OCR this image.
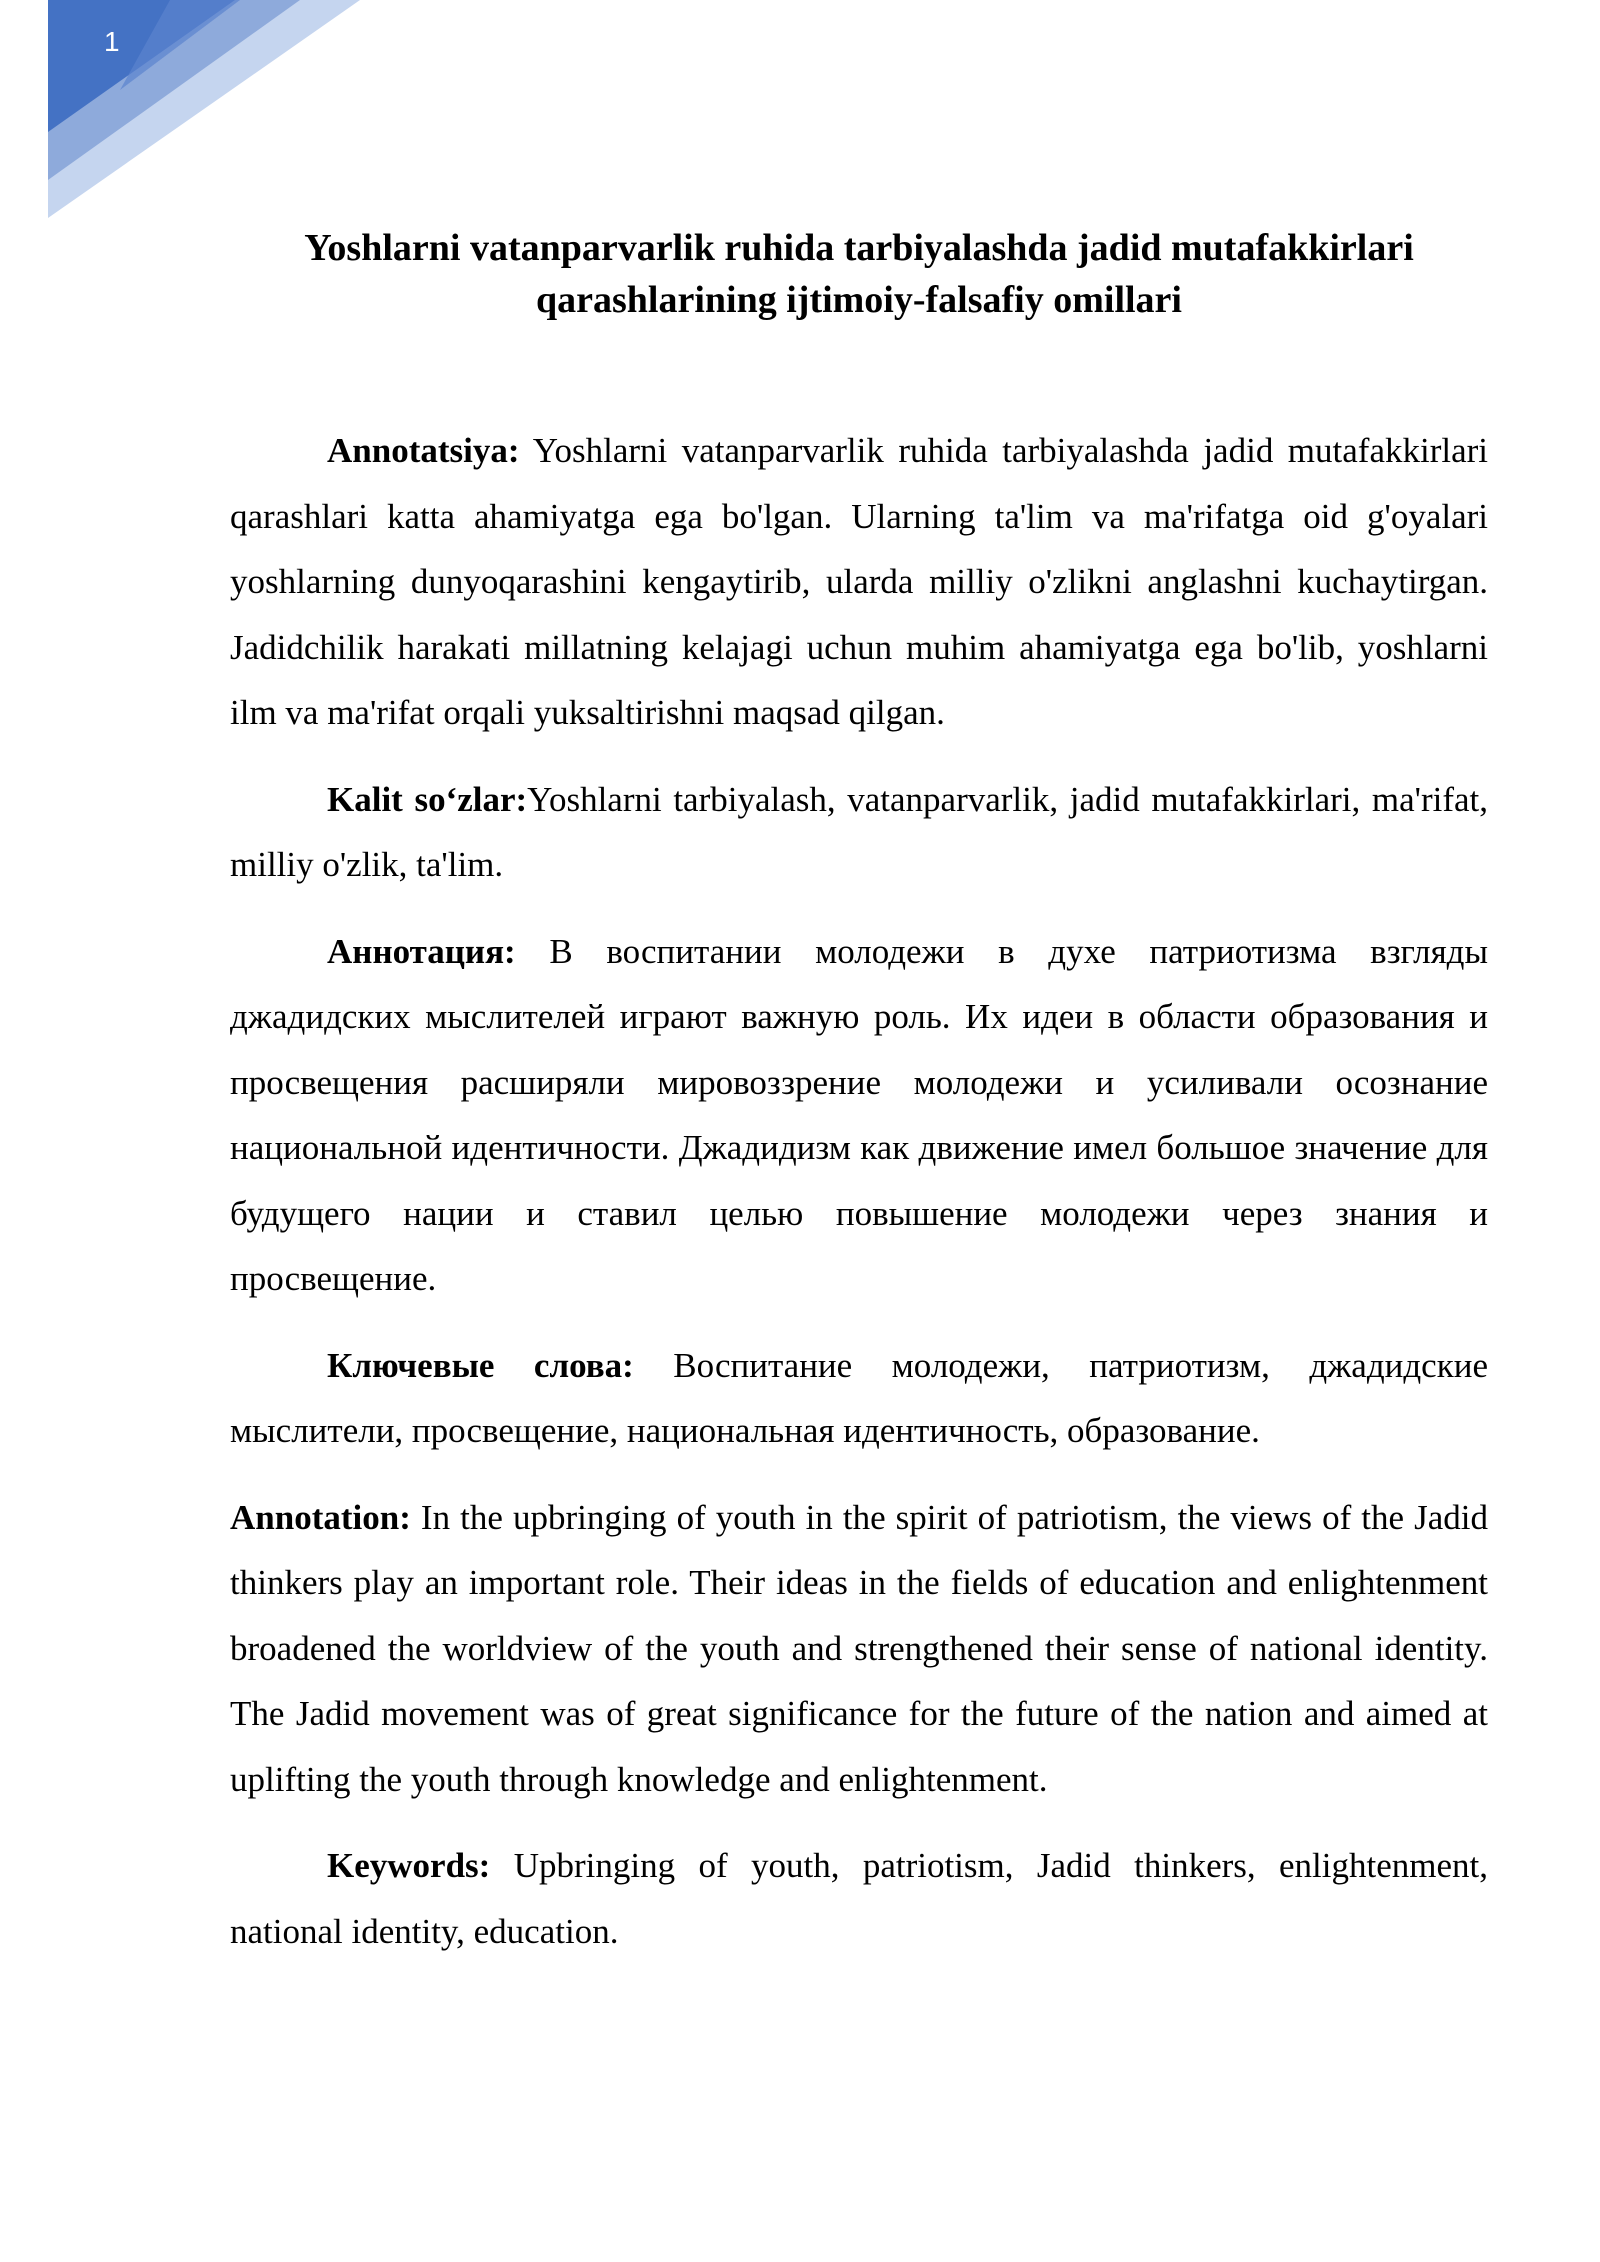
1
Yoshlarni vatanparvarlik ruhida tarbiyalashda jadid mutafakkirlari
qarashlarining ijtimoiy-falsafiy omillari

Annotatsiya: Yoshlarni vatanparvarlik ruhida tarbiyalashda jadid mutafakkirlari qarashlari katta ahamiyatga ega bo'lgan. Ularning ta'lim va ma'rifatga oid g'oyalari yoshlarning dunyoqarashini kengaytirib, ularda milliy o'zlikni anglashni kuchaytirgan. Jadidchilik harakati millatning kelajagi uchun muhim ahamiyatga ega bo'lib, yoshlarni ilm va ma'rifat orqali yuksaltirishni maqsad qilgan.

Kalit so‘zlar:Yoshlarni tarbiyalash, vatanparvarlik, jadid mutafakkirlari, ma'rifat, milliy o'zlik, ta'lim.

Аннотация: В воспитании молодежи в духе патриотизма взгляды джадидских мыслителей играют важную роль. Их идеи в области образования и просвещения расширяли мировоззрение молодежи и усиливали осознание национальной идентичности. Джадидизм как движение имел большое значение для будущего нации и ставил целью повышение молодежи через знания и просвещение.

Ключевые слова: Воспитание молодежи, патриотизм, джадидские мыслители, просвещение, национальная идентичность, образование.

Annotation: In the upbringing of youth in the spirit of patriotism, the views of the Jadid thinkers play an important role. Their ideas in the fields of education and enlightenment broadened the worldview of the youth and strengthened their sense of national identity. The Jadid movement was of great significance for the future of the nation and aimed at uplifting the youth through knowledge and enlightenment.

Keywords: Upbringing of youth, patriotism, Jadid thinkers, enlightenment, national identity, education.
